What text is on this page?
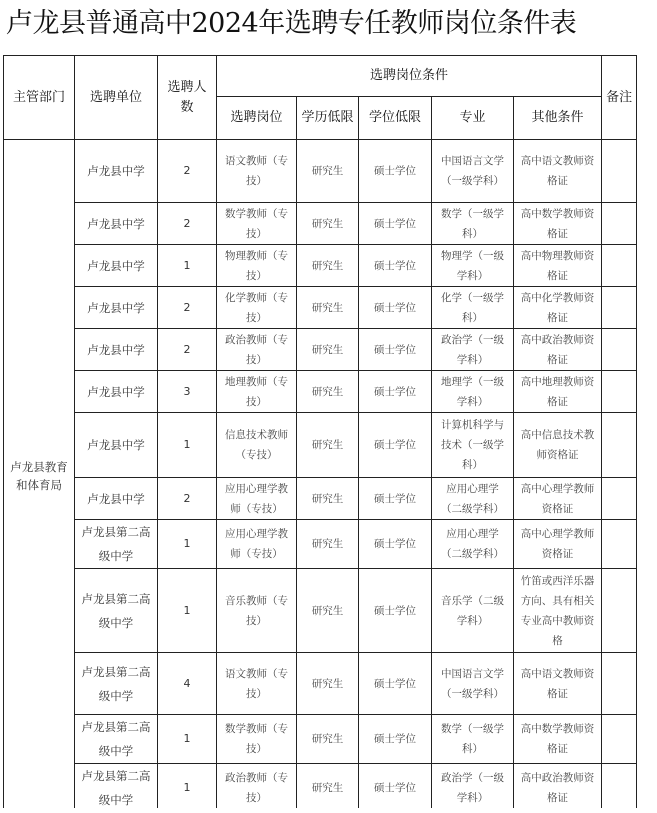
卢龙县普通高中2024年选聘专任教师岗位条件表
主管部门	选聘单位	选聘人数	选聘岗位条件					备注

			选聘岗位	学历低限	学位低限	专业	其他条件	

卢龙县教育和体育局	卢龙县中学	2	语文教师（专技）	研究生	硕士学位	中国语言文学（一级学科）	高中语文教师资格证	

	卢龙县中学	2	数学教师（专技）	研究生	硕士学位	数学（一级学科）	高中数学教师资格证	

	卢龙县中学	1	物理教师（专技）	研究生	硕士学位	物理学（一级学科）	高中物理教师资格证	

	卢龙县中学	2	化学教师（专技）	研究生	硕士学位	化学（一级学科）	高中化学教师资格证	

	卢龙县中学	2	政治教师（专技）	研究生	硕士学位	政治学（一级学科）	高中政治教师资格证	

	卢龙县中学	3	地理教师（专技）	研究生	硕士学位	地理学（一级学科）	高中地理教师资格证	

	卢龙县中学	1	信息技术教师（专技）	研究生	硕士学位	计算机科学与技术（一级学科）	高中信息技术教师资格证	

	卢龙县中学	2	应用心理学教师（专技）	研究生	硕士学位	应用心理学（二级学科）	高中心理学教师资格证	

	卢龙县第二高级中学	1	应用心理学教师（专技）	研究生	硕士学位	应用心理学（二级学科）	高中心理学教师资格证	

	卢龙县第二高级中学	1	音乐教师（专技）	研究生	硕士学位	音乐学（二级学科）	竹笛或西洋乐器方向、具有相关专业高中教师资格	

	卢龙县第二高级中学	4	语文教师（专技）	研究生	硕士学位	中国语言文学（一级学科）	高中语文教师资格证	

	卢龙县第二高级中学	1	数学教师（专技）	研究生	硕士学位	数学（一级学科）	高中数学教师资格证	

	卢龙县第二高级中学	1	政治教师（专技）	研究生	硕士学位	政治学（一级学科）	高中政治教师资格证	
